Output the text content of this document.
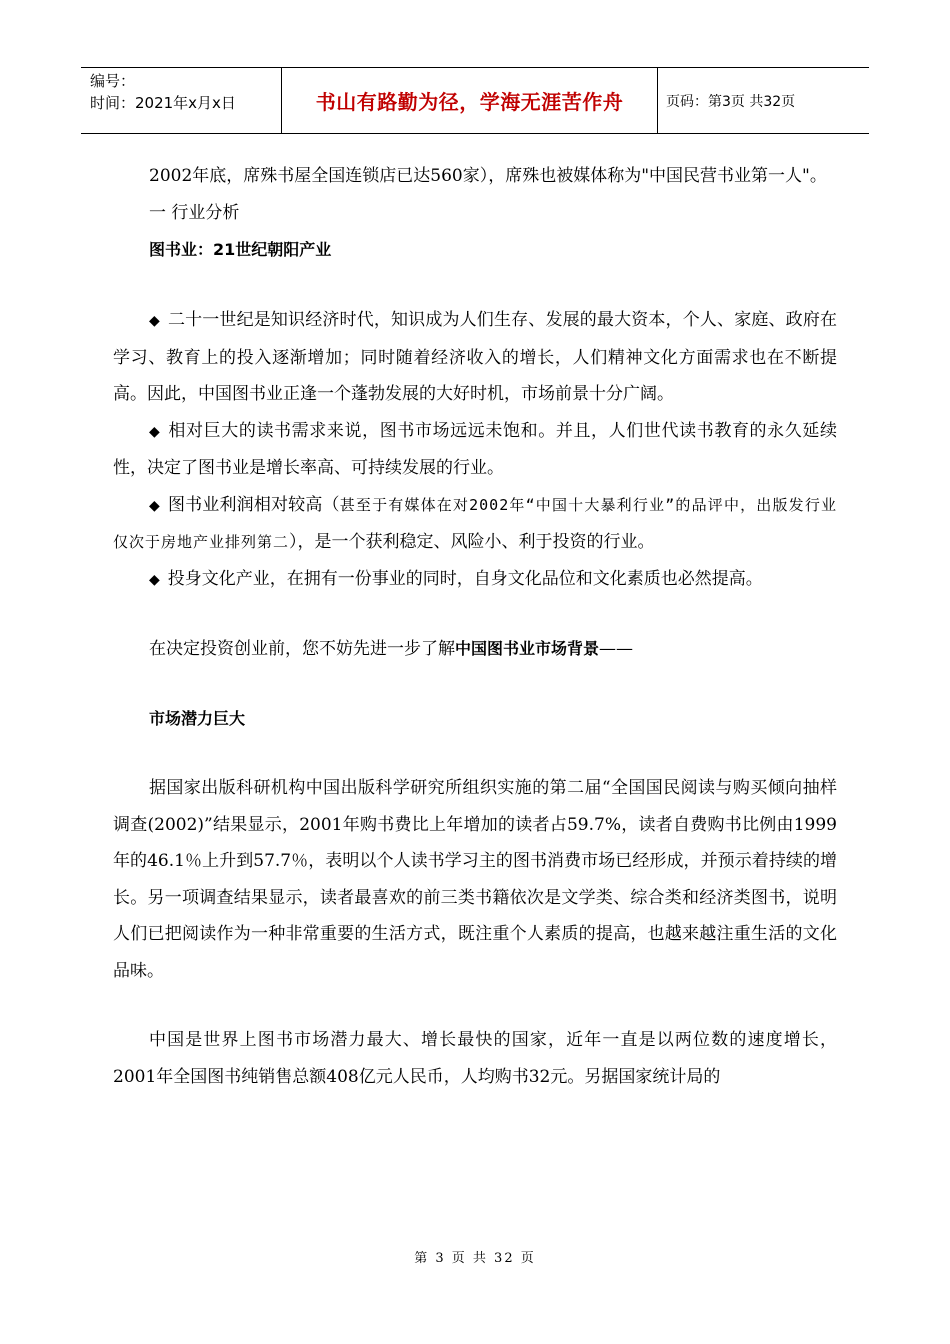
编号：
时间：2021年x月x日	书山有路勤为径，学海无涯苦作舟	页码：第3页 共32页

2002年底，席殊书屋全国连锁店已达560家），席殊也被媒体称为"中国民营书业第一人"。

一 行业分析

图书业：21世纪朝阳产业

◆ 二十一世纪是知识经济时代，知识成为人们生存、发展的最大资本，个人、家庭、政府在学习、教育上的投入逐渐增加；同时随着经济收入的增长，人们精神文化方面需求也在不断提高。因此，中国图书业正逢一个蓬勃发展的大好时机，市场前景十分广阔。

◆ 相对巨大的读书需求来说，图书市场远远未饱和。并且，人们世代读书教育的永久延续性，决定了图书业是增长率高、可持续发展的行业。

◆ 图书业利润相对较高（甚至于有媒体在对2002年“中国十大暴利行业”的品评中，出版发行业仅次于房地产业排列第二），是一个获利稳定、风险小、利于投资的行业。

◆ 投身文化产业，在拥有一份事业的同时，自身文化品位和文化素质也必然提高。

在决定投资创业前，您不妨先进一步了解中国图书业市场背景——

市场潜力巨大

据国家出版科研机构中国出版科学研究所组织实施的第二届“全国国民阅读与购买倾向抽样调查(2002)”结果显示，2001年购书费比上年增加的读者占59.7%，读者自费购书比例由1999年的46.1％上升到57.7％，表明以个人读书学习主的图书消费市场已经形成，并预示着持续的增长。另一项调查结果显示，读者最喜欢的前三类书籍依次是文学类、综合类和经济类图书，说明人们已把阅读作为一种非常重要的生活方式，既注重个人素质的提高，也越来越注重生活的文化品味。

中国是世界上图书市场潜力最大、增长最快的国家，近年一直是以两位数的速度增长，2001年全国图书纯销售总额408亿元人民币，人均购书32元。另据国家统计局的

第 3 页 共 32 页
